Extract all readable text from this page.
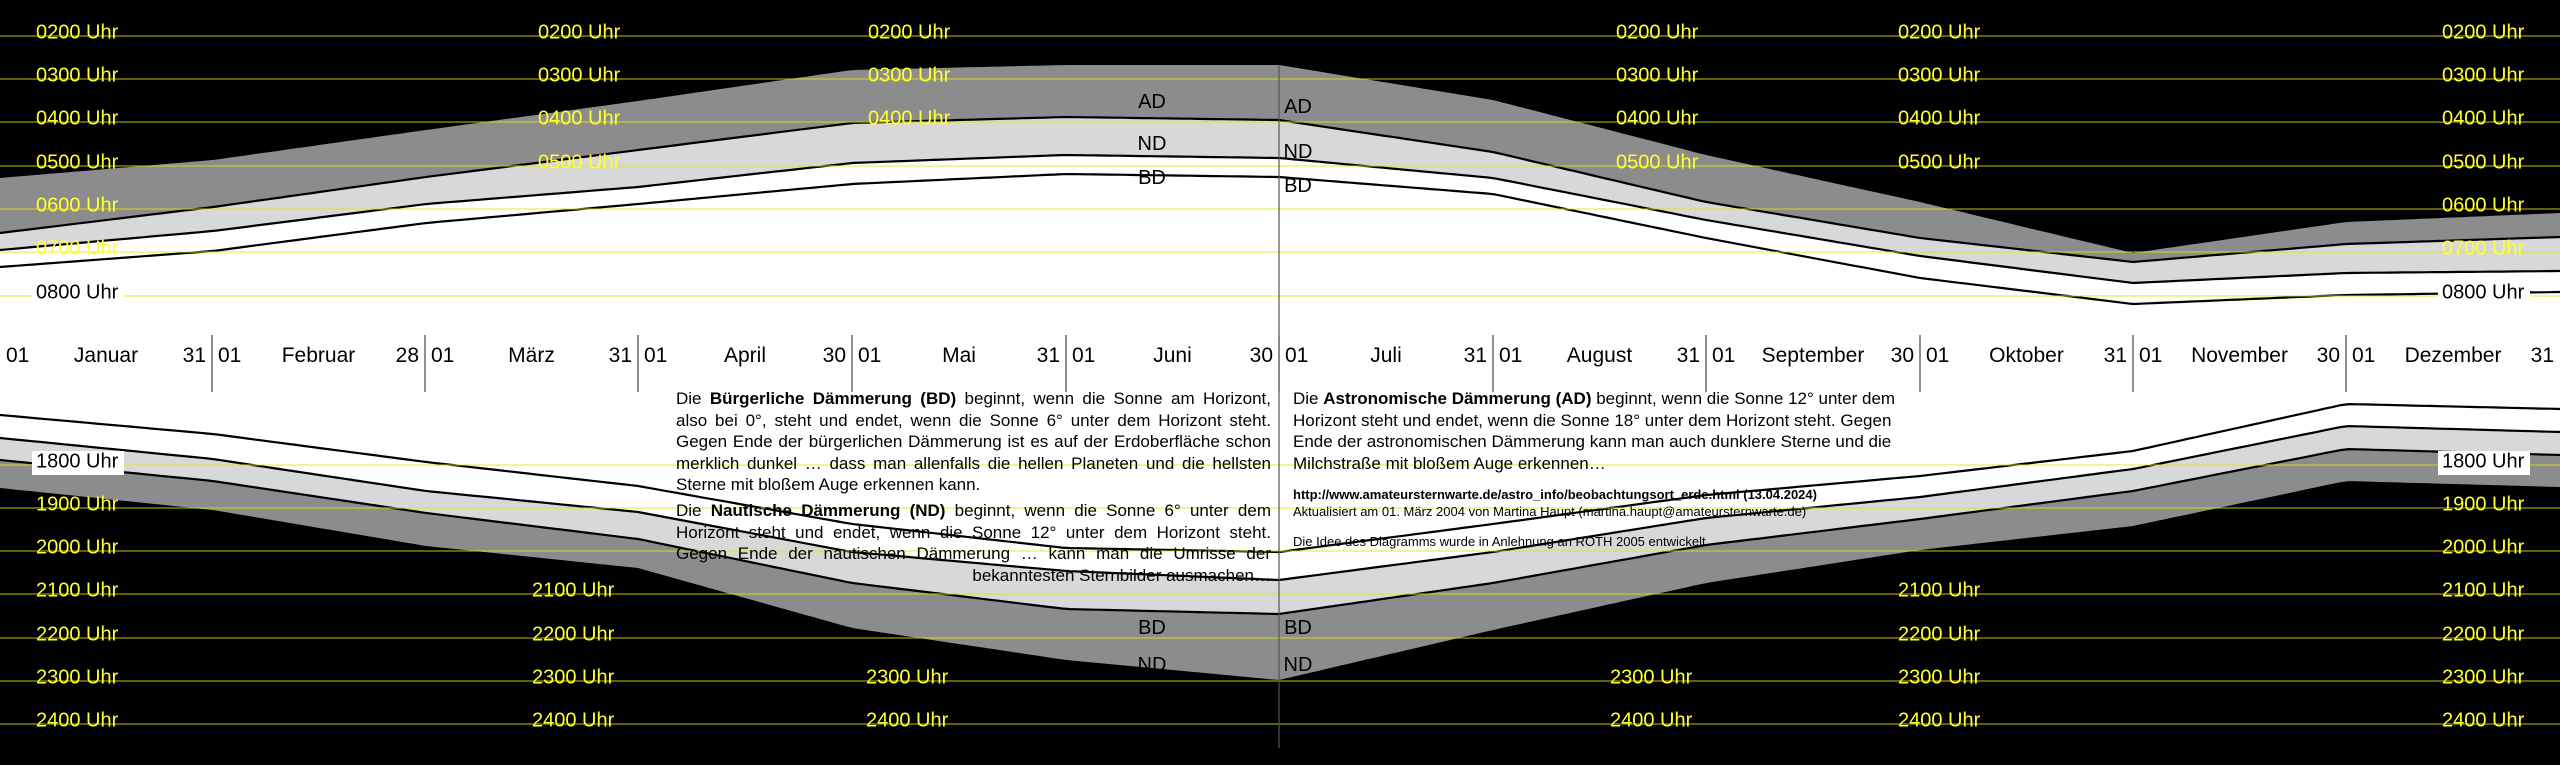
01 Januar 31 01 Februar 28 01	März	31 01	April	30 01	Mai	31 01	Juni	30 01	Juli	31 01 August 31 01 September 30 01 Oktober 31 01 November 30 01 Dezember 31
0200 Uhr	0200 Uhr	0200 Uhr	0200 Uhr	0200 Uhr	0200 Uhr
0300 Uhr	0300 Uhr	0300 Uhr	0300 Uhr	0300 Uhr	0300 Uhr
0400 Uhr	0400 Uhr	0400 Uhr	0400 Uhr	0400 Uhr	0400 Uhr
0500 Uhr	0500 Uhr	0500 Uhr	0500 Uhr	0500 Uhr
0600 Uhr	0600 Uhr
0700 Uhr	0700 Uhr
0800 Uhr	0800 Uhr
1800 Uhr	1800 Uhr
1900 Uhr	1900 Uhr
2000 Uhr	2000 Uhr
2100 Uhr	2100 Uhr	2100 Uhr	2100 Uhr
2200 Uhr	2200 Uhr	2200 Uhr	2200 Uhr
2300 Uhr	2300 Uhr	2300 Uhr	2300 Uhr	2300 Uhr	2300 Uhr
2400 Uhr	2400 Uhr	2400 Uhr	2400 Uhr	2400 Uhr	2400 Uhr
AD
ND
BD
AD
ND
BD
BD
ND
AD
BD
ND
AD

Die Bürgerliche Dämmerung (BD) beginnt, wenn die Sonne am Horizont, also bei 0°, steht und endet, wenn die Sonne 6° unter dem Horizont steht. Gegen Ende der bürgerlichen Dämmerung ist es auf der Erdoberfläche schon merklich dunkel … dass man allenfalls die hellen Planeten und die hellsten Sterne mit bloßem Auge erkennen kann.

Die Nautische Dämmerung (ND) beginnt, wenn die Sonne 6° unter dem Horizont steht und endet, wenn die Sonne 12° unter dem Horizont steht. Gegen Ende der nautischen Dämmerung … kann man die Umrisse der bekanntesten Sternbilder ausmachen…

Die Astronomische Dämmerung (AD) beginnt, wenn die Sonne 12° unter dem Horizont steht und endet, wenn die Sonne 18° unter dem Horizont steht. Gegen Ende der astronomischen Dämmerung kann man auch dunklere Sterne und die Milchstraße mit bloßem Auge erkennen…

http://www.amateursternwarte.de/astro_info/beobachtungsort_erde.html (13.04.2024)

Aktualisiert am 01. März 2004 von Martina Haupt (martina.haupt@amateursternwarte.de)

Die Idee des Diagramms wurde in Anlehnung an ROTH 2005 entwickelt.
